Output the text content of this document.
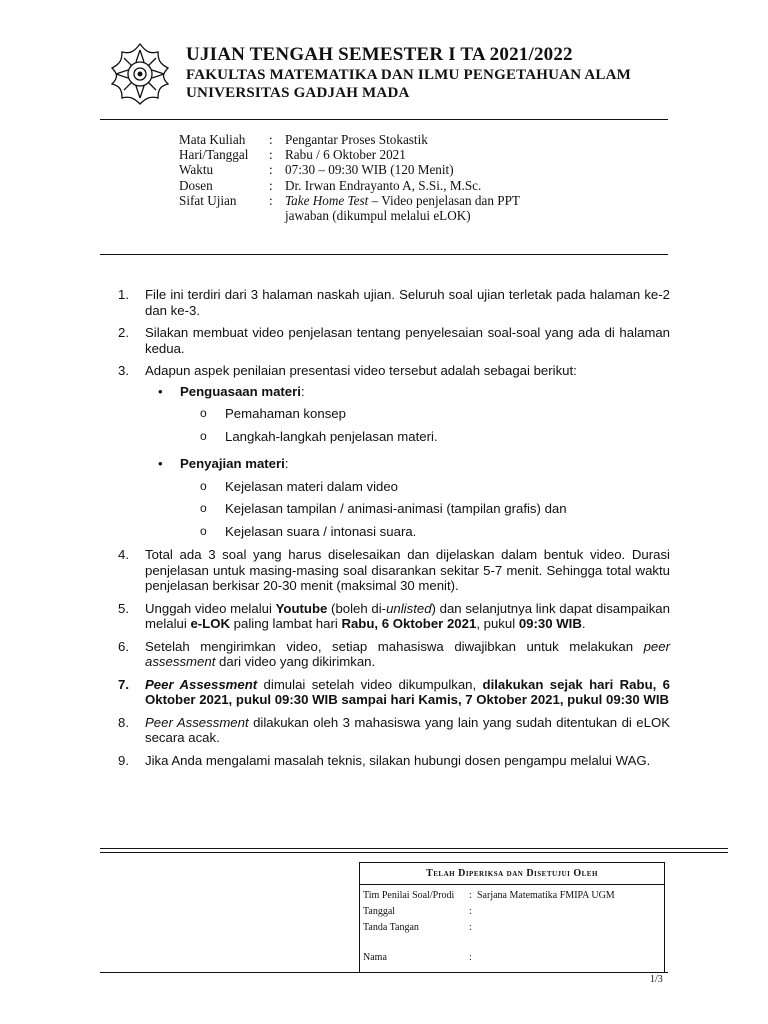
UJIAN TENGAH SEMESTER I TA 2021/2022
FAKULTAS MATEMATIKA DAN ILMU PENGETAHUAN ALAM
UNIVERSITAS GADJAH MADA
Mata Kuliah	: Pengantar Proses Stokastik
Hari/Tanggal	: Rabu / 6 Oktober 2021
Waktu	: 07:30 – 09:30 WIB (120 Menit)
Dosen	: Dr. Irwan Endrayanto A, S.Si., M.Sc.
Sifat Ujian	: Take Home Test – Video penjelasan dan PPT jawaban (dikumpul melalui eLOK)
1.	File ini terdiri dari 3 halaman naskah ujian. Seluruh soal ujian terletak pada halaman ke-2 dan ke-3.
2.	Silakan membuat video penjelasan tentang penyelesaian soal-soal yang ada di halaman kedua.
3.	Adapun aspek penilaian presentasi video tersebut adalah sebagai berikut:
•	Penguasaan materi:
o	Pemahaman konsep
o	Langkah-langkah penjelasan materi.
•	Penyajian materi:
o	Kejelasan materi dalam video
o	Kejelasan tampilan / animasi-animasi (tampilan grafis) dan
o	Kejelasan suara / intonasi suara.
4.	Total ada 3 soal yang harus diselesaikan dan dijelaskan dalam bentuk video. Durasi penjelasan untuk masing-masing soal disarankan sekitar 5-7 menit. Sehingga total waktu penjelasan berkisar 20-30 menit (maksimal 30 menit).
5.	Unggah video melalui Youtube (boleh di-unlisted) dan selanjutnya link dapat disampaikan melalui e-LOK paling lambat hari Rabu, 6 Oktober 2021, pukul 09:30 WIB.
6.	Setelah mengirimkan video, setiap mahasiswa diwajibkan untuk melakukan peer assessment dari video yang dikirimkan.
7.	Peer Assessment dimulai setelah video dikumpulkan, dilakukan sejak hari Rabu, 6 Oktober 2021, pukul 09:30 WIB sampai hari Kamis, 7 Oktober 2021, pukul 09:30 WIB
8.	Peer Assessment dilakukan oleh 3 mahasiswa yang lain yang sudah ditentukan di eLOK secara acak.
9.	Jika Anda mengalami masalah teknis, silakan hubungi dosen pengampu melalui WAG.
Telah Diperiksa dan Disetujui Oleh
Tim Penilai Soal/Prodi	: Sarjana Matematika FMIPA UGM
Tanggal	:
Tanda Tangan	:
Nama	:
1/3
